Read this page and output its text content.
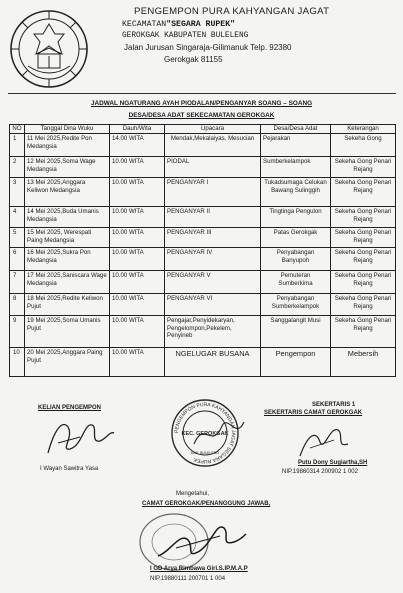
PENGEMPON PURA KAHYANGAN JAGAT
KECAMATAN"SEGARA RUPEK"
GEROKGAK KABUPATEN BULELENG
Jalan Jurusan Singaraja-Gilimanuk Telp. 92380
Gerokgak 81155
JADWAL NGATURANG AYAH PIODALAN/PENGANYAR SOANG – SOANG
DESA/DESA ADAT SEKECAMATAN GEROKGAK
NO	Tanggal Dina Wuku	Dauh/Wita	Upacara	Desa/Desa Adat	Keterangan
1	11 Mei 2025,Redite Pon Medangsia	14.00 WITA	Mendak,Mekalaiyas, Mesucian	Pejarakan	Sekeha Gong
2	12 Mei 2025,Soma Wage Medangsia	10.00 WITA	PIODAL	Sumberkelampok	Sekeha Gong Penari Rejang
3	13 Mei 2025,Anggara Keliwon Medangsia	10.00 WITA	PENGANYAR I	Tukadsumaga Celukan Bawang Sulinggih	Sekeha Gong Penari Rejang
4	14 Mei 2025,Buda Umanis Medangsia	10.00 WITA	PENGANYAR II	Tingtinga Pengulon	Sekeha Gong Penari Rejang
5	15 Mei 2025, Werespati Paing Medangsia	10.00 WITA	PENGANYAR III	Patas Gerokgak	Sekeha Gong Penari Rejang
6	16 Mei 2025,Sukra Pon Medangsia	10.00 WITA	PENGANYAR IV	Penyabangan Banyupoh	Sekeha Gong Penari Rejang
7	17 Mei 2025,Saniscara Wage Medangsia	10.00 WITA	PENGANYAR V	Pemuteran Sumberkima	Sekeha Gong Penari Rejang
8	18 Mei 2025,Redite Keliwon Pujut	10.00 WITA	PENGANYAR VI	Penyabangan Sumberkelampok	Sekeha Gong Penari Rejang
9	19 Mei 2025,Soma Umanis Pujut	10.00 WITA	Pengajar,Penyidekaryan, Pengelompon,Pekelem, Penyineb	Sanggalangit Musi	Sekeha Gong Penari Rejang
10	20 Mei 2025,Anggara Paing Pujut	10.00 WITA	NGELUGAR BUSANA	Pengempon	Mebersih
KELIAN PENGEMPON
I Wayan Sawitra Yasa
PENGEMPON PURA KAHYANGAN JAGAT SEGARA RUPEK
KEC. GEROKGAK
KAB. BULELENG
SEKERTARIS 1
SEKERTARIS CAMAT GEROKGAK
Putu Dony Sugiartha,SH
NIP.19860314 200902 1 002
Mengetahui,
CAMAT GEROKGAK/PENANGGUNG JAWAB,
I GD Arya Rimbawa Giri.S.IP.M.A.P
NIP.19880111 200701 1 004
